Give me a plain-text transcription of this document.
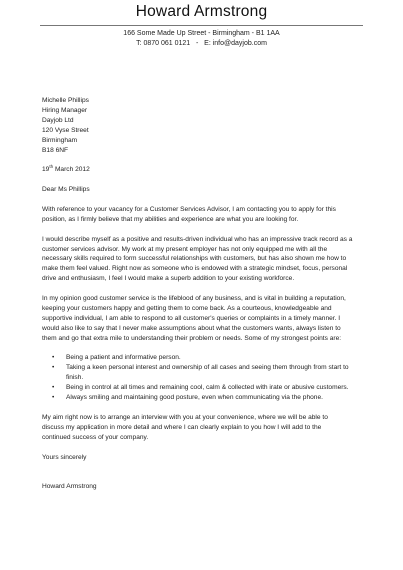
Howard Armstrong
166 Some Made Up Street - Birmingham - B1 1AA
T: 0870 061 0121   -   E: info@dayjob.com
Michelle Phillips
Hiring Manager
Dayjob Ltd
120 Vyse Street
Birmingham
B18 6NF
19th March 2012
Dear Ms Phillips
With reference to your vacancy for a Customer Services Advisor, I am contacting you to apply for this
position, as I firmly believe that my abilities and experience are what you are looking for.
I would describe myself as a positive and results-driven individual who has an impressive track record as a
customer services advisor. My work at my present employer has not only equipped me with all the
necessary skills required to form successful relationships with customers, but has also shown me how to
make them feel valued. Right now as someone who is endowed with a strategic mindset, focus, personal
drive and enthusiasm, I feel I would make a superb addition to your existing workforce.
In my opinion good customer service is the lifeblood of any business, and is vital in building a reputation,
keeping your customers happy and getting them to come back. As a courteous, knowledgeable and
supportive individual, I am able to respond to all customer's queries or complaints in a timely manner. I
would also like to say that I never make assumptions about what the customers wants, always listen to
them and go that extra mile to understanding their problem or needs. Some of my strongest points are:
• Being a patient and informative person.
• Taking a keen personal interest and ownership of all cases and seeing them through from start to
finish.
• Being in control at all times and remaining cool, calm & collected with irate or abusive customers.
• Always smiling and maintaining good posture, even when communicating via the phone.
My aim right now is to arrange an interview with you at your convenience, where we will be able to
discuss my application in more detail and where I can clearly explain to you how I will add to the
continued success of your company.
Yours sincerely
Howard Armstrong
